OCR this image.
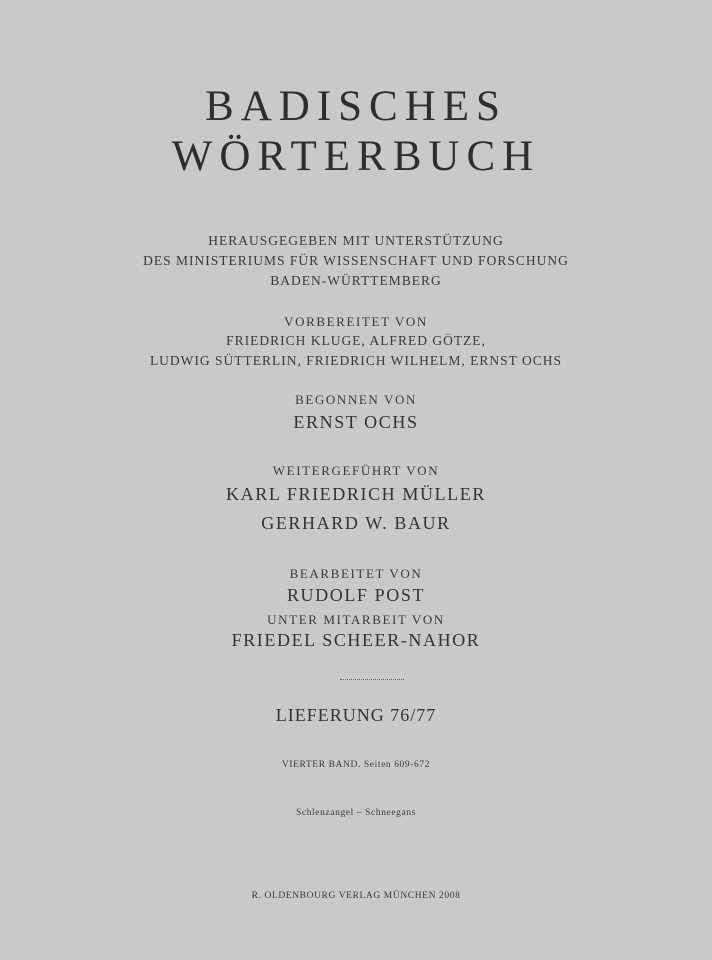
BADISCHES
WÖRTERBUCH

HERAUSGEGEBEN MIT UNTERSTÜTZUNG

DES MINISTERIUMS FÜR WISSENSCHAFT UND FORSCHUNG

BADEN-WÜRTTEMBERG

VORBEREITET VON

FRIEDRICH KLUGE, ALFRED GÖTZE,

LUDWIG SÜTTERLIN, FRIEDRICH WILHELM, ERNST OCHS

BEGONNEN VON

ERNST OCHS

WEITERGEFÜHRT VON

KARL FRIEDRICH MÜLLER

GERHARD W. BAUR

BEARBEITET VON

RUDOLF POST

UNTER MITARBEIT VON

FRIEDEL SCHEER-NAHOR

LIEFERUNG 76/77

VIERTER BAND. Seiten 609-672

Schlenzangel – Schneegans

R. OLDENBOURG VERLAG MÜNCHEN 2008
